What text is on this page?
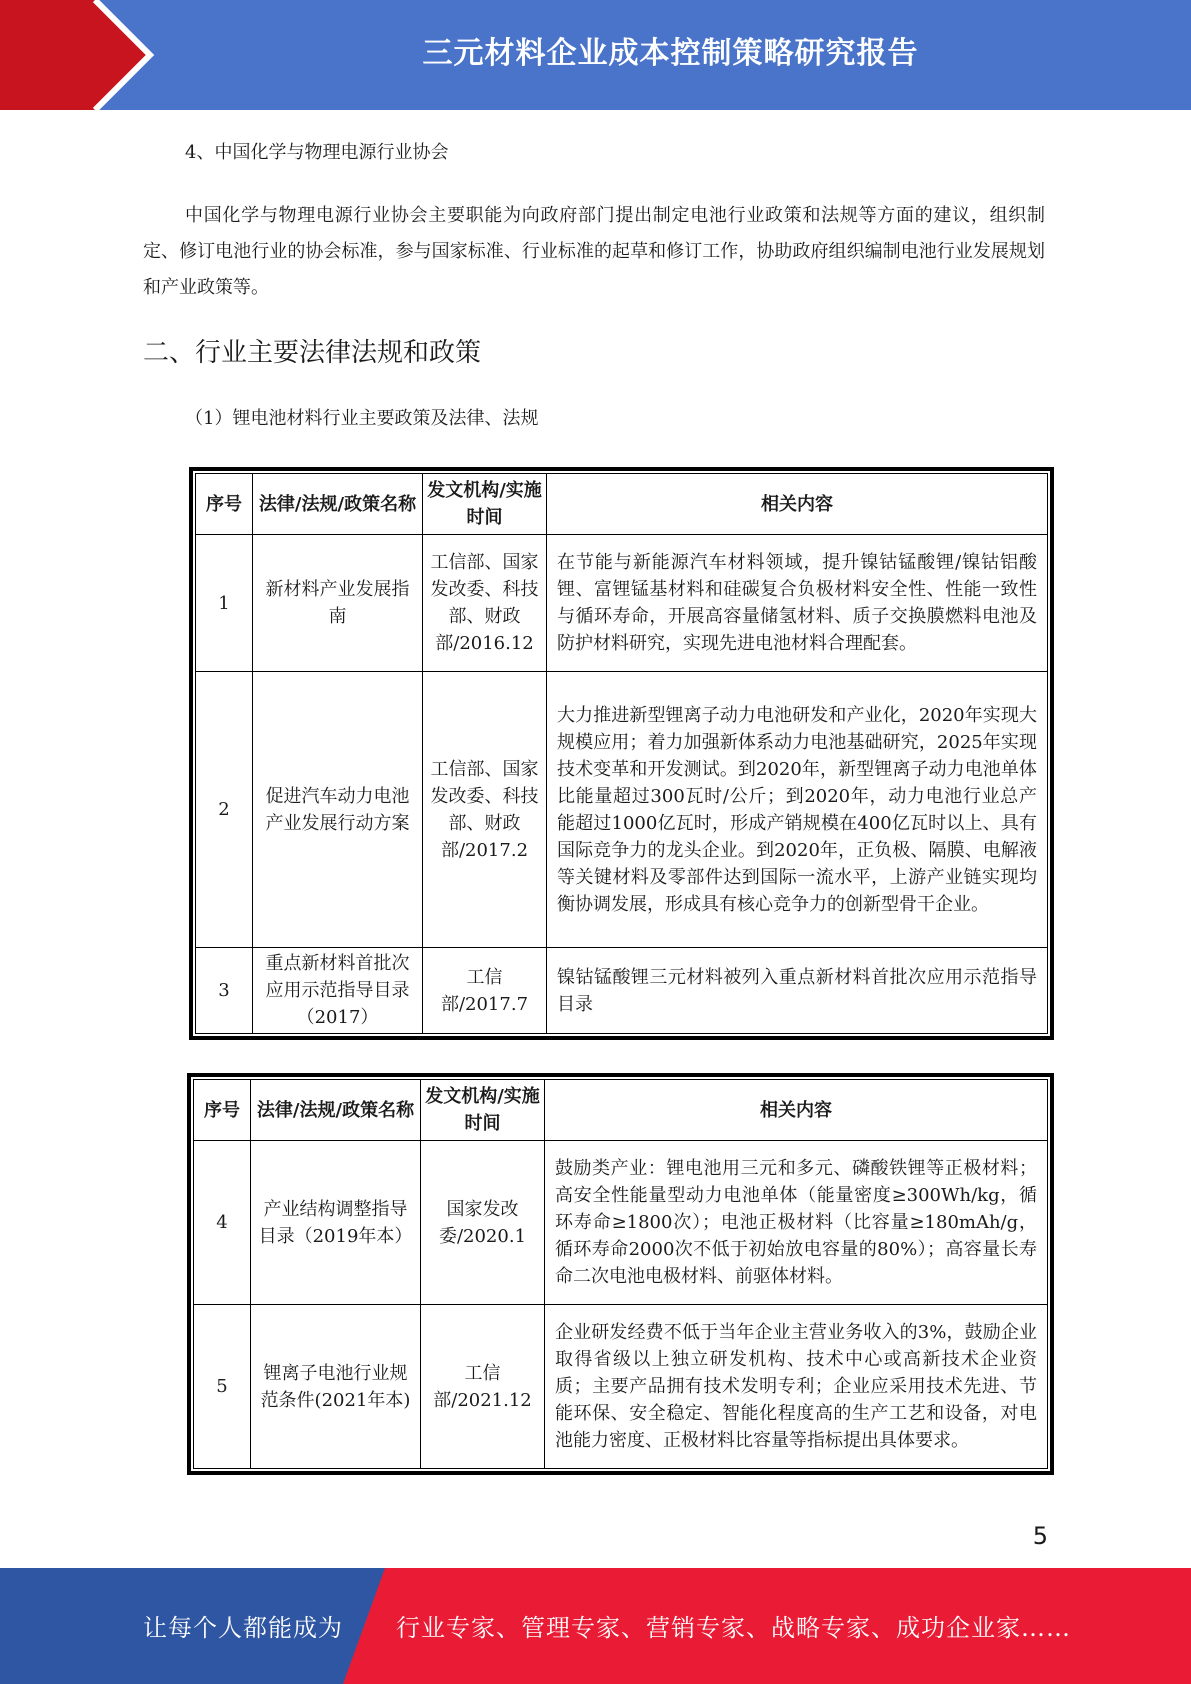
三元材料企业成本控制策略研究报告
4、中国化学与物理电源行业协会
中国化学与物理电源行业协会主要职能为向政府部门提出制定电池行业政策和法规等方面的建议，组织制定、修订电池行业的协会标准，参与国家标准、行业标准的起草和修订工作，协助政府组织编制电池行业发展规划和产业政策等。
二、行业主要法律法规和政策
（1）锂电池材料行业主要政策及法律、法规
序号	法律/法规/政策名称	发文机构/实施时间	相关内容
1	新材料产业发展指南	工信部、国家发改委、科技部、财政部/2016.12	在节能与新能源汽车材料领域，提升镍钴锰酸锂/镍钴铝酸锂、富锂锰基材料和硅碳复合负极材料安全性、性能一致性与循环寿命，开展高容量储氢材料、质子交换膜燃料电池及防护材料研究，实现先进电池材料合理配套。
2	促进汽车动力电池产业发展行动方案	工信部、国家发改委、科技部、财政部/2017.2	大力推进新型锂离子动力电池研发和产业化，2020年实现大规模应用；着力加强新体系动力电池基础研究，2025年实现技术变革和开发测试。到2020年，新型锂离子动力电池单体比能量超过300瓦时/公斤；到2020年，动力电池行业总产能超过1000亿瓦时，形成产销规模在400亿瓦时以上、具有国际竞争力的龙头企业。到2020年，正负极、隔膜、电解液等关键材料及零部件达到国际一流水平，上游产业链实现均衡协调发展，形成具有核心竞争力的创新型骨干企业。
3	重点新材料首批次应用示范指导目录（2017）	工信部/2017.7	镍钴锰酸锂三元材料被列入重点新材料首批次应用示范指导目录
序号	法律/法规/政策名称	发文机构/实施时间	相关内容
4	产业结构调整指导目录（2019年本）	国家发改委/2020.1	鼓励类产业：锂电池用三元和多元、磷酸铁锂等正极材料；高安全性能量型动力电池单体（能量密度≥300Wh/kg，循环寿命≥1800次）；电池正极材料（比容量≥180mAh/g，循环寿命2000次不低于初始放电容量的80%）；高容量长寿命二次电池电极材料、前驱体材料。
5	锂离子电池行业规范条件(2021年本)	工信部/2021.12	企业研发经费不低于当年企业主营业务收入的3%，鼓励企业取得省级以上独立研发机构、技术中心或高新技术企业资质；主要产品拥有技术发明专利；企业应采用技术先进、节能环保、安全稳定、智能化程度高的生产工艺和设备，对电池能力密度、正极材料比容量等指标提出具体要求。
5
让每个人都能成为 行业专家、管理专家、营销专家、战略专家、成功企业家……
